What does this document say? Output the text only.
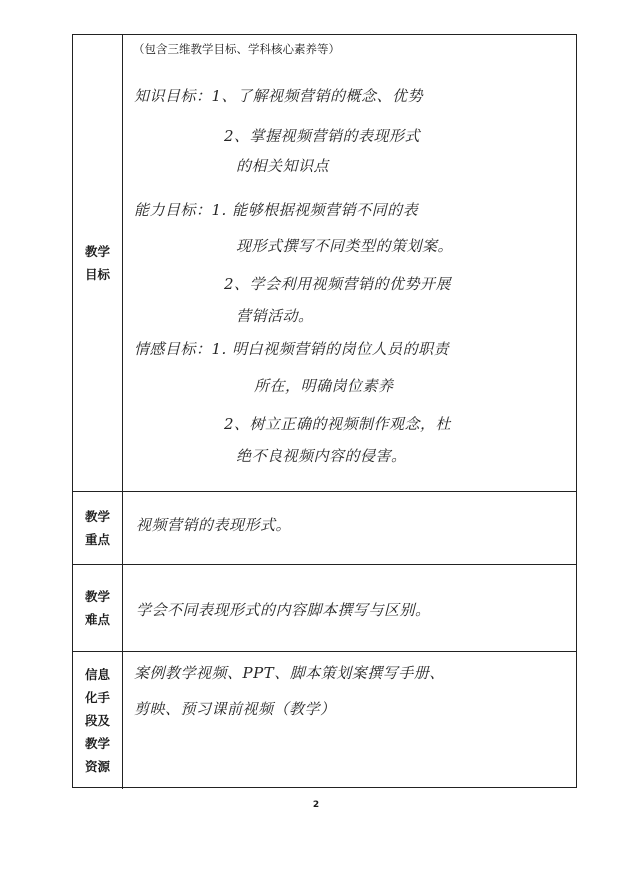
教学目标
（包含三维教学目标、学科核心素养等）
知识目标：1、了解视频营销的概念、优势
2、掌握视频营销的表现形式
的相关知识点
能力目标：1. 能够根据视频营销不同的表
现形式撰写不同类型的策划案。
2、学会利用视频营销的优势开展
营销活动。
情感目标：1. 明白视频营销的岗位人员的职责
所在，明确岗位素养
2、树立正确的视频制作观念，杜
绝不良视频内容的侵害。
教学重点
视频营销的表现形式。
教学难点
学会不同表现形式的内容脚本撰写与区别。
信息化手段及教学资源
案例教学视频、PPT、脚本策划案撰写手册、
剪映、预习课前视频（教学）
2
